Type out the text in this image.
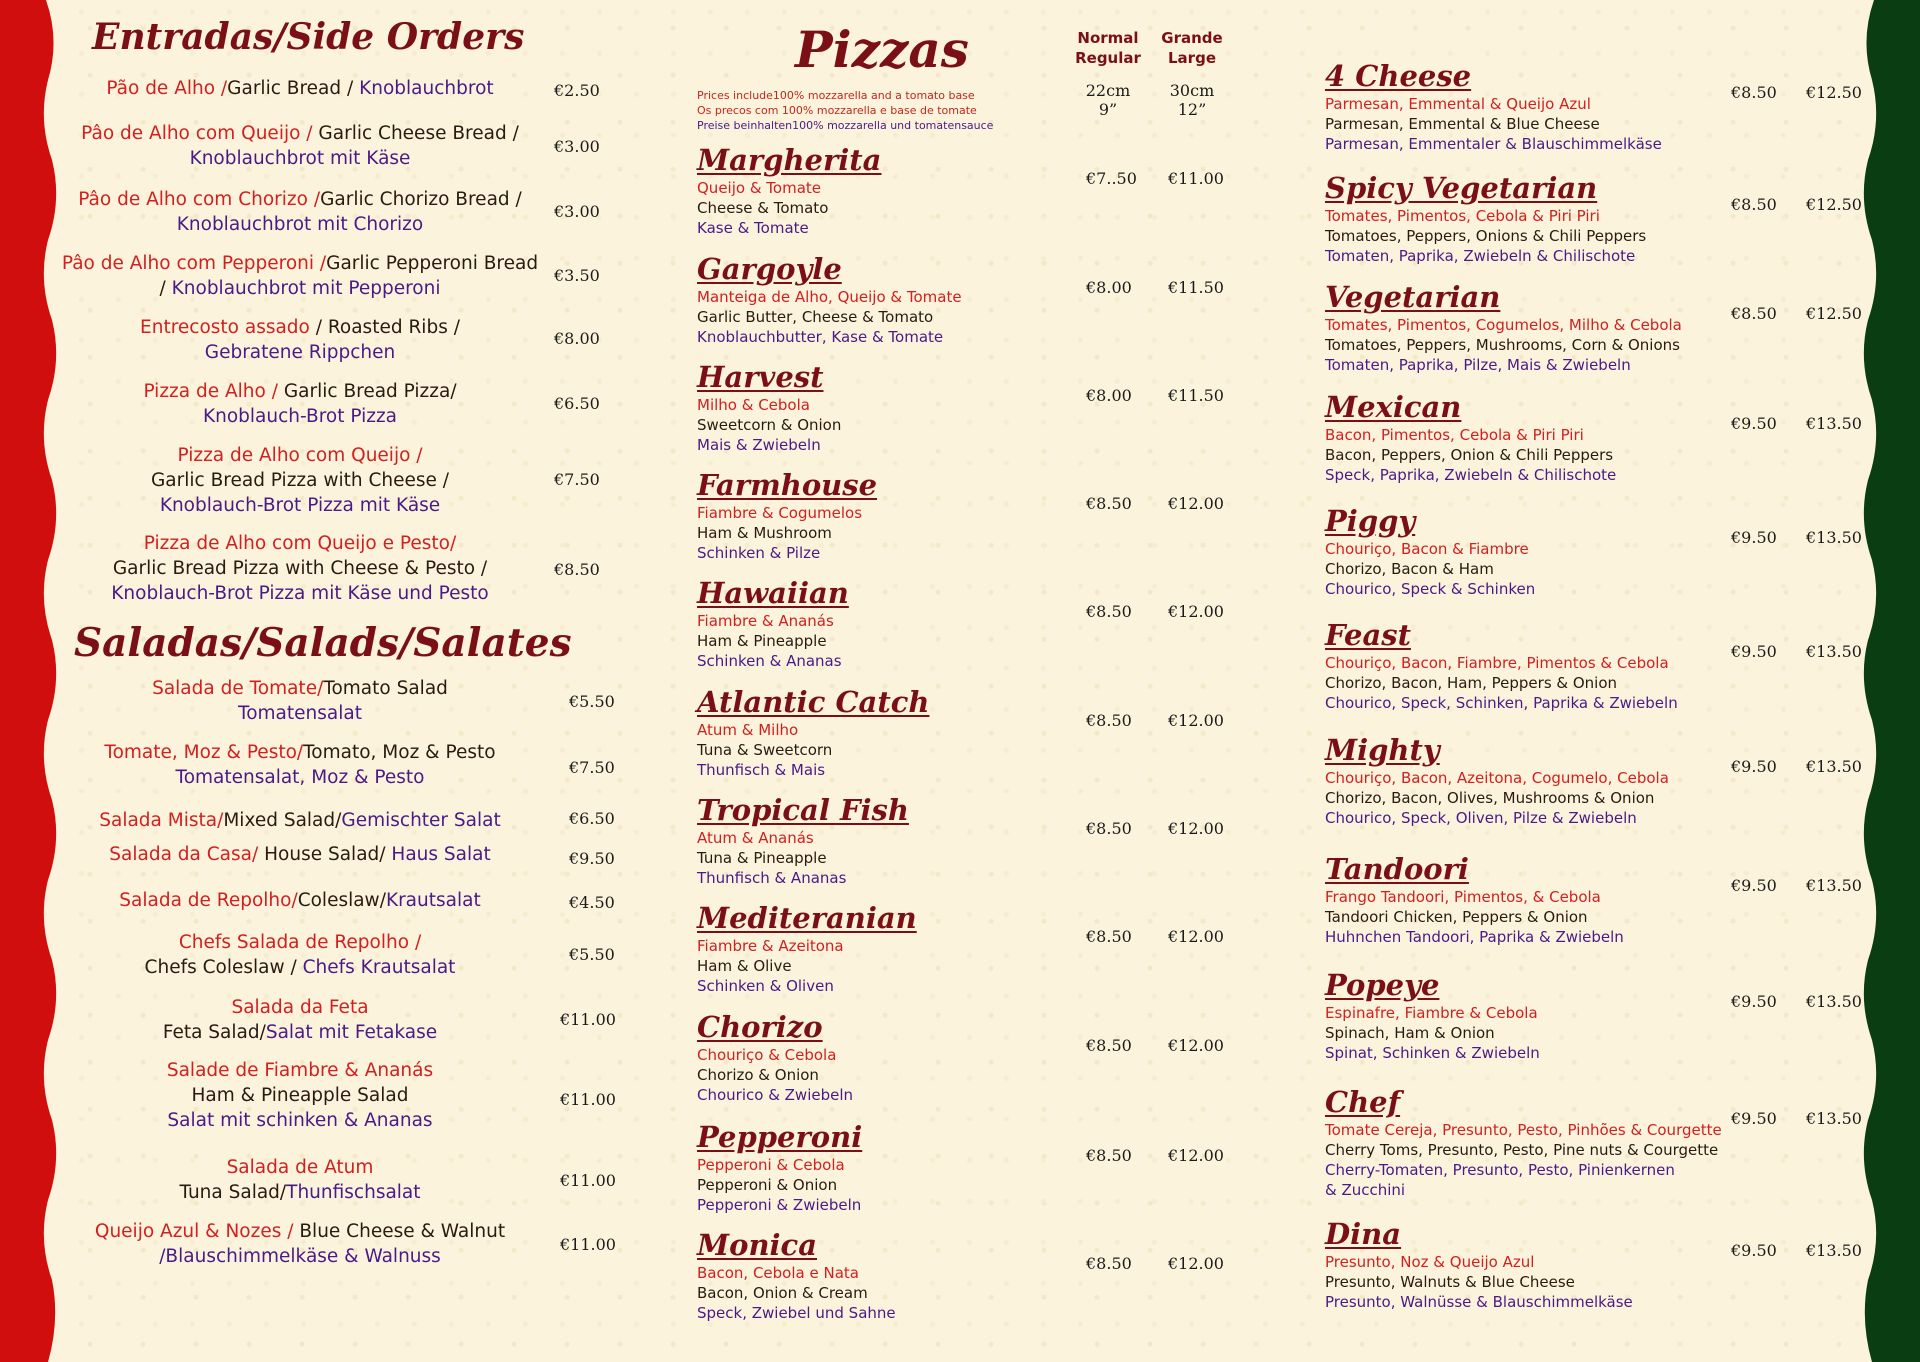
Entradas/Side Orders
Pão de Alho /Garlic Bread / Knoblauchbrot	€2.50
Pâo de Alho com Queijo / Garlic Cheese Bread / Knoblauchbrot mit Käse
€3.00
Pâo de Alho com Chorizo /Garlic Chorizo Bread / Knoblauchbrot mit Chorizo
€3.00
Pâo de Alho com Pepperoni /Garlic Pepperoni Bread / Knoblauchbrot mit Pepperoni
€3.50
Entrecosto assado / Roasted Ribs /
Gebratene Rippchen
€8.00
Pizza de Alho / Garlic Bread Pizza/
Knoblauch-Brot Pizza
€6.50
Pizza de Alho com Queijo /
Garlic Bread Pizza with Cheese /
Knoblauch-Brot Pizza mit Käse
€7.50
Pizza de Alho com Queijo e Pesto/
Garlic Bread Pizza with Cheese & Pesto /
Knoblauch-Brot Pizza mit Käse und Pesto
€8.50
Saladas/Salads/Salates
Salada de Tomate/Tomato Salad
Tomatensalat
€5.50
Tomate, Moz & Pesto/Tomato, Moz & Pesto
Tomatensalat, Moz & Pesto	€7.50
Salada Mista/Mixed Salad/Gemischter Salat	€6.50
Salada da Casa/ House Salad/ Haus Salat	€9.50
Salada de Repolho/Coleslaw/Krautsalat	€4.50
Chefs Salada de Repolho /
Chefs Coleslaw / Chefs Krautsalat
€5.50
Salada da Feta
Feta Salad/Salat mit Fetakase
€11.00
Salade de Fiambre & Ananás
Ham & Pineapple Salad
Salat mit schinken & Ananas
€11.00
Salada de Atum
Tuna Salad/Thunfischsalat
€11.00
Queijo Azul & Nozes / Blue Cheese & Walnut
/Blauschimmelkäse & Walnuss
€11.00
Pizzas	Normal
Regular
Grande
Large
22cm
9”
30cm
12”
Prices include100% mozzarella and a tomato base
Os precos com 100% mozzarella e base de tomate
Preise beinhalten100% mozzarella und tomatensauce
Margherita
Queijo & Tomate
Cheese & Tomato
Kase & Tomate
€7..50 €11.00
Gargoyle
Manteiga de Alho, Queijo & Tomate
Garlic Butter, Cheese & Tomato
Knoblauchbutter, Kase & Tomate
€8.00 €11.50
Harvest
Milho & Cebola
Sweetcorn & Onion
Mais & Zwiebeln
€8.00 €11.50
Farmhouse
Fiambre & Cogumelos
Ham & Mushroom
Schinken & Pilze
€8.50 €12.00
Hawaiian
Fiambre & Ananás
Ham & Pineapple
Schinken & Ananas
€8.50 €12.00
Atlantic Catch
Atum & Milho
Tuna & Sweetcorn
Thunfisch & Mais
€8.50 €12.00
Tropical Fish
Atum & Ananás
Tuna & Pineapple
Thunfisch & Ananas
€8.50 €12.00
Mediteranian
Fiambre & Azeitona
Ham & Olive
Schinken & Oliven
€8.50 €12.00
Chorizo
Chouriço & Cebola
Chorizo & Onion
Chourico & Zwiebeln
€8.50 €12.00
Pepperoni
Pepperoni & Cebola
Pepperoni & Onion
Pepperoni & Zwiebeln
€8.50 €12.00
Monica
Bacon, Cebola e Nata
Bacon, Onion & Cream
Speck, Zwiebel und Sahne
€8.50 €12.00
4 Cheese
Parmesan, Emmental & Queijo Azul
Parmesan, Emmental & Blue Cheese
Parmesan, Emmentaler & Blauschimmelkäse
€8.50 €12.50
Spicy Vegetarian
Tomates, Pimentos, Cebola & Piri Piri
Tomatoes, Peppers, Onions & Chili Peppers
Tomaten, Paprika, Zwiebeln & Chilischote
€8.50 €12.50
Vegetarian
Tomates, Pimentos, Cogumelos, Milho & Cebola
Tomatoes, Peppers, Mushrooms, Corn & Onions
Tomaten, Paprika, Pilze, Mais & Zwiebeln
€8.50 €12.50
Mexican
Bacon, Pimentos, Cebola & Piri Piri
Bacon, Peppers, Onion & Chili Peppers
Speck, Paprika, Zwiebeln & Chilischote
€9.50 €13.50
Piggy
Chouriço, Bacon & Fiambre
Chorizo, Bacon & Ham
Chourico, Speck & Schinken
€9.50 €13.50
Feast
Chouriço, Bacon, Fiambre, Pimentos & Cebola
Chorizo, Bacon, Ham, Peppers & Onion
Chourico, Speck, Schinken, Paprika & Zwiebeln
€9.50 €13.50
Mighty
Chouriço, Bacon, Azeitona, Cogumelo, Cebola
Chorizo, Bacon, Olives, Mushrooms & Onion
Chourico, Speck, Oliven, Pilze & Zwiebeln
€9.50 €13.50
Tandoori
Frango Tandoori, Pimentos, & Cebola
Tandoori Chicken, Peppers & Onion
Huhnchen Tandoori, Paprika & Zwiebeln
€9.50 €13.50
Popeye
Espinafre, Fiambre & Cebola
Spinach, Ham & Onion
Spinat, Schinken & Zwiebeln
€9.50 €13.50
Chef
Tomate Cereja, Presunto, Pesto, Pinhões & Courgette
Cherry Toms, Presunto, Pesto, Pine nuts & Courgette
Cherry-Tomaten, Presunto, Pesto, Pinienkernen
& Zucchini
€9.50 €13.50
Dina
Presunto, Noz & Queijo Azul
Presunto, Walnuts & Blue Cheese
Presunto, Walnüsse & Blauschimmelkäse
€9.50 €13.50
